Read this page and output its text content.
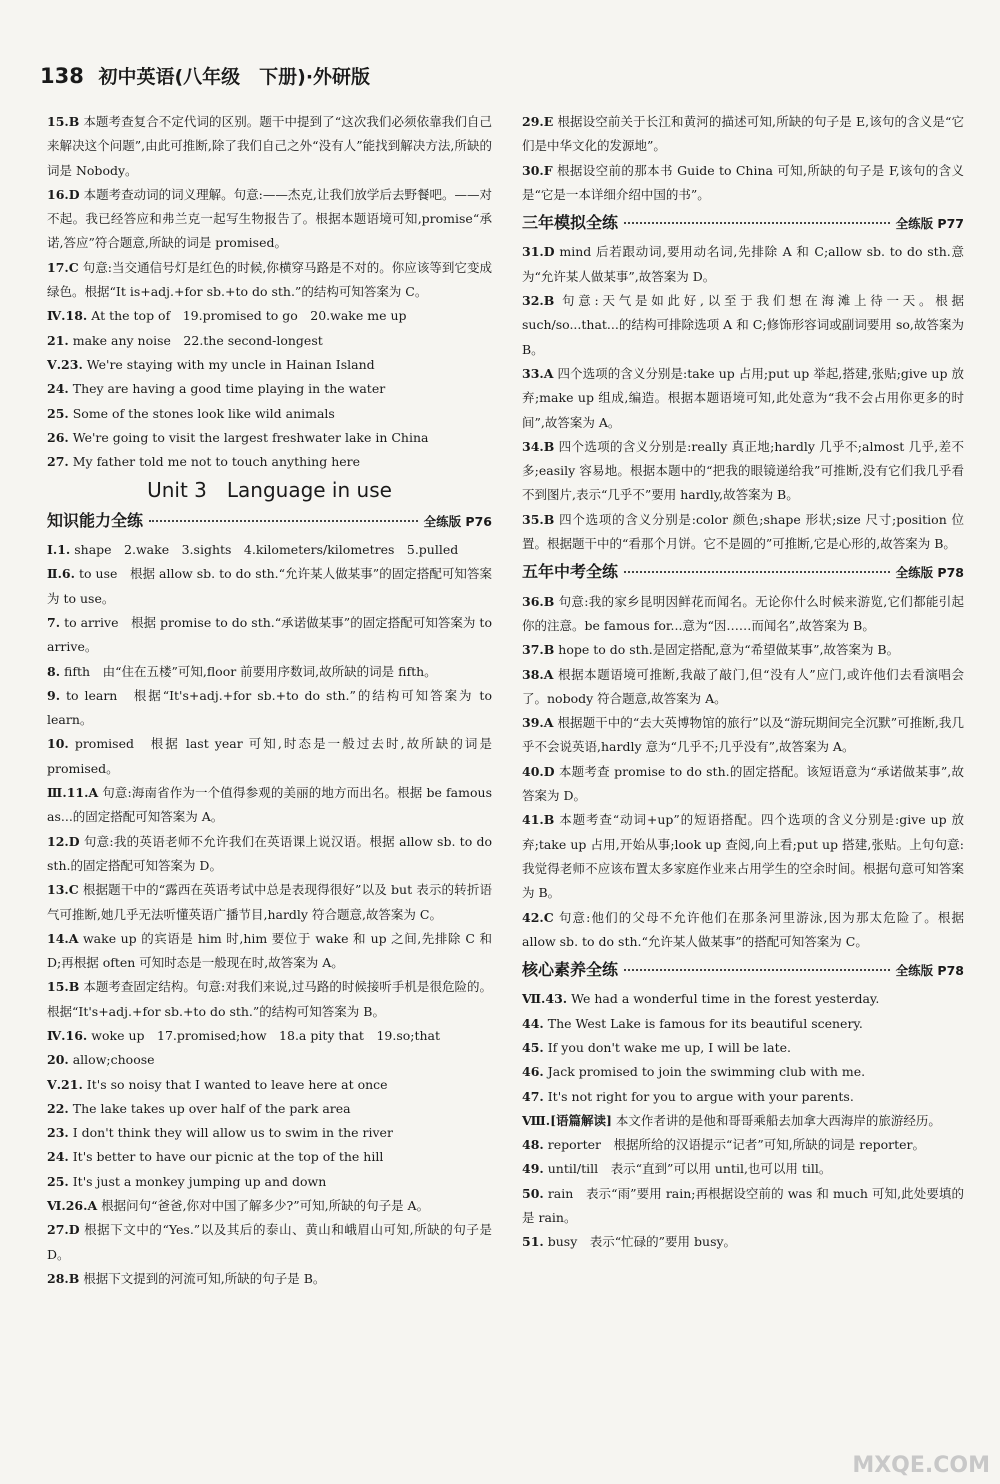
138 初中英语(八年级　下册)·外研版

15.B 本题考查复合不定代词的区别。题干中提到了“这次我们必须依靠我们自己来解决这个问题”,由此可推断,除了我们自己之外“没有人”能找到解决方法,所缺的词是 Nobody。

16.D 本题考查动词的词义理解。句意:——杰克,让我们放学后去野餐吧。——对不起。我已经答应和弗兰克一起写生物报告了。根据本题语境可知,promise“承诺,答应”符合题意,所缺的词是 promised。

17.C 句意:当交通信号灯是红色的时候,你横穿马路是不对的。你应该等到它变成绿色。根据“It is+adj.+for sb.+to do sth.”的结构可知答案为 C。

Ⅳ.18. At the top of　19.promised to go　20.wake me up

21. make any noise　22.the second-longest

Ⅴ.23. We're staying with my uncle in Hainan Island

24. They are having a good time playing in the water

25. Some of the stones look like wild animals

26. We're going to visit the largest freshwater lake in China

27. My father told me not to touch anything here

Unit 3　Language in use
知识能力全练	全练版 P76

Ⅰ.1. shape　2.wake　3.sights　4.kilometers/kilometres　5.pulled

Ⅱ.6. to use　根据 allow sb. to do sth.“允许某人做某事”的固定搭配可知答案为 to use。

7. to arrive　根据 promise to do sth.“承诺做某事”的固定搭配可知答案为 to arrive。

8. fifth　由“住在五楼”可知,floor 前要用序数词,故所缺的词是 fifth。

9. to learn　根据“It's+adj.+for sb.+to do sth.”的结构可知答案为 to learn。

10. promised　根据 last year 可知,时态是一般过去时,故所缺的词是 promised。

Ⅲ.11.A 句意:海南省作为一个值得参观的美丽的地方而出名。根据 be famous as...的固定搭配可知答案为 A。

12.D 句意:我的英语老师不允许我们在英语课上说汉语。根据 allow sb. to do sth.的固定搭配可知答案为 D。

13.C 根据题干中的“露西在英语考试中总是表现得很好”以及 but 表示的转折语气可推断,她几乎无法听懂英语广播节目,hardly 符合题意,故答案为 C。

14.A wake up 的宾语是 him 时,him 要位于 wake 和 up 之间,先排除 C 和 D;再根据 often 可知时态是一般现在时,故答案为 A。

15.B 本题考查固定结构。句意:对我们来说,过马路的时候接听手机是很危险的。根据“It's+adj.+for sb.+to do sth.”的结构可知答案为 B。

Ⅳ.16. woke up　17.promised;how　18.a pity that　19.so;that

20. allow;choose

Ⅴ.21. It's so noisy that I wanted to leave here at once

22. The lake takes up over half of the park area

23. I don't think they will allow us to swim in the river

24. It's better to have our picnic at the top of the hill

25. It's just a monkey jumping up and down

Ⅵ.26.A 根据问句“爸爸,你对中国了解多少?”可知,所缺的句子是 A。

27.D 根据下文中的“Yes.”以及其后的泰山、黄山和峨眉山可知,所缺的句子是 D。

28.B 根据下文提到的河流可知,所缺的句子是 B。

29.E 根据设空前关于长江和黄河的描述可知,所缺的句子是 E,该句的含义是“它们是中华文化的发源地”。

30.F 根据设空前的那本书 Guide to China 可知,所缺的句子是 F,该句的含义是“它是一本详细介绍中国的书”。

三年模拟全练	全练版 P77

31.D mind 后若跟动词,要用动名词,先排除 A 和 C;allow sb. to do sth.意为“允许某人做某事”,故答案为 D。

32.B 句意:天气是如此好,以至于我们想在海滩上待一天。根据 such/so...that...的结构可排除选项 A 和 C;修饰形容词或副词要用 so,故答案为 B。

33.A 四个选项的含义分别是:take up 占用;put up 举起,搭建,张贴;give up 放弃;make up 组成,编造。根据本题语境可知,此处意为“我不会占用你更多的时间”,故答案为 A。

34.B 四个选项的含义分别是:really 真正地;hardly 几乎不;almost 几乎,差不多;easily 容易地。根据本题中的“把我的眼镜递给我”可推断,没有它们我几乎看不到图片,表示“几乎不”要用 hardly,故答案为 B。

35.B 四个选项的含义分别是:color 颜色;shape 形状;size 尺寸;position 位置。根据题干中的“看那个月饼。它不是圆的”可推断,它是心形的,故答案为 B。

五年中考全练	全练版 P78

36.B 句意:我的家乡昆明因鲜花而闻名。无论你什么时候来游览,它们都能引起你的注意。be famous for...意为“因……而闻名”,故答案为 B。

37.B hope to do sth.是固定搭配,意为“希望做某事”,故答案为 B。

38.A 根据本题语境可推断,我敲了敲门,但“没有人”应门,或许他们去看演唱会了。nobody 符合题意,故答案为 A。

39.A 根据题干中的“去大英博物馆的旅行”以及“游玩期间完全沉默”可推断,我几乎不会说英语,hardly 意为“几乎不;几乎没有”,故答案为 A。

40.D 本题考查 promise to do sth.的固定搭配。该短语意为“承诺做某事”,故答案为 D。

41.B 本题考查“动词+up”的短语搭配。四个选项的含义分别是:give up 放弃;take up 占用,开始从事;look up 查阅,向上看;put up 搭建,张贴。上句句意:我觉得老师不应该布置太多家庭作业来占用学生的空余时间。根据句意可知答案为 B。

42.C 句意:他们的父母不允许他们在那条河里游泳,因为那太危险了。根据 allow sb. to do sth.“允许某人做某事”的搭配可知答案为 C。

核心素养全练	全练版 P78

Ⅶ.43. We had a wonderful time in the forest yesterday.

44. The West Lake is famous for its beautiful scenery.

45. If you don't wake me up, I will be late.

46. Jack promised to join the swimming club with me.

47. It's not right for you to argue with your parents.

Ⅷ.[语篇解读] 本文作者讲的是他和哥哥乘船去加拿大西海岸的旅游经历。

48. reporter　根据所给的汉语提示“记者”可知,所缺的词是 reporter。

49. until/till　表示“直到”可以用 until,也可以用 till。

50. rain　表示“雨”要用 rain;再根据设空前的 was 和 much 可知,此处要填的是 rain。

51. busy　表示“忙碌的”要用 busy。

MXQE.COM
